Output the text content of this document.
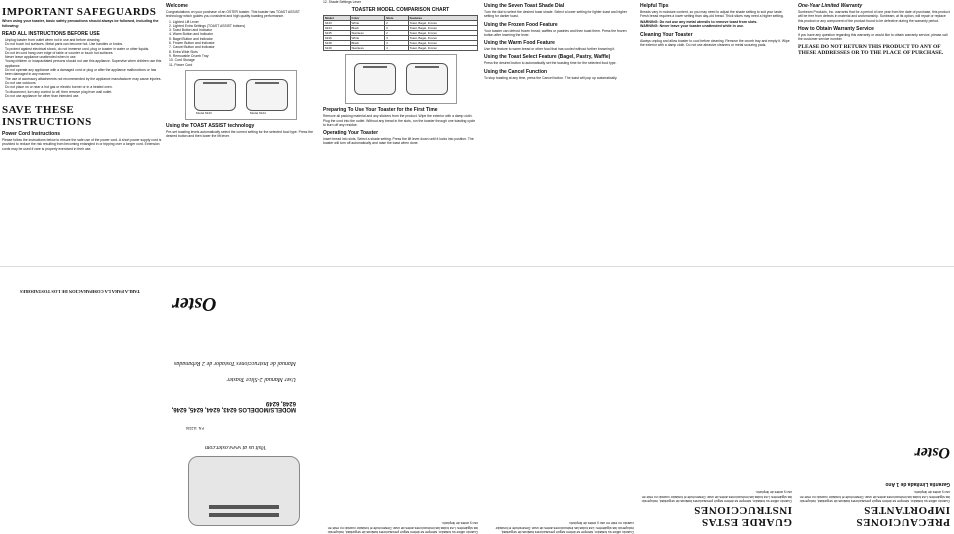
IMPORTANT SAFEGUARDS
When using your toaster, basic safety precautions should always be followed, including the following:
READ ALL INSTRUCTIONS BEFORE USE
Unplug toaster from outlet when not in use and before cleaning.
Do not touch hot surfaces. Metal parts can become hot. Use handles or knobs.
To protect against electrical shock, do not immerse cord, plug or toaster in water or other liquids.
Do not let cord hang over edge of table or counter or touch hot surfaces.
Never leave appliance unattended when in use.
Young children or incapacitated persons should not use this appliance. Supervise when children use this appliance.
Do not operate any appliance with a damaged cord or plug or after the appliance malfunctions or has been damaged in any manner.
The use of accessory attachments not recommended by the appliance manufacturer may cause injuries.
Do not use outdoors.
Do not place on or near a hot gas or electric burner or in a heated oven.
To disconnect, turn any control to off, then remove plug from wall outlet.
Do not use appliance for other than intended use.
SAVE THESE INSTRUCTIONS
Power Cord Instructions
Please follow the instructions below to ensure the safe use of the power cord. A short power supply cord is provided to reduce the risk resulting from becoming entangled in or tripping over a longer cord. Extension cords may be used if care is properly exercised in their use.
Welcome
Congratulations on your purchase of an OSTER toaster. This toaster has TOAST ASSIST technology which guides you consistent and high quality toasting performance.
1. Lighted Lift Lever
2. Lighted Extra Settings (TOAST ASSIST buttons)
3. Toast Button and Indicator
4. Warm Button and Indicator
5. Bagel Button and Indicator
6. Frozen Button and Indicator
7. Cancel Button and Indicator
8. Extra Wide Slots
9. Removable Crumb Tray
10. Cord Storage
11. Power Cord
Model 6243	Model 6244
Using the TOAST ASSIST technology
Pre-set toasting levels automatically select the correct setting for the selected food type. Press the desired button and then lower the lift lever.
12. Shade Settings Lever
TOASTER MODEL COMPARISON CHART
Model	Color	Slots	Features
6243	White	2	Toast, Bagel, Frozen
6244	Black	2	Toast, Bagel, Frozen
6245	Stainless	2	Toast, Bagel, Frozen
6246	White	4	Toast, Bagel, Frozen
6248	Black	4	Toast, Bagel, Frozen
6249	Stainless	4	Toast, Bagel, Frozen
Preparing To Use Your Toaster for the First Time
Remove all packing material and any stickers from the product. Wipe the exterior with a damp cloth. Plug the cord into the outlet. Without any bread in the slots, run the toaster through one toasting cycle to burn off any residue.
Operating Your Toaster
Insert bread into slots. Select a shade setting. Press the lift lever down until it locks into position. The toaster will turn off automatically and raise the toast when done.
Using the Seven Toast Shade Dial
Turn the dial to select the desired toast shade. Select a lower setting for lighter toast and higher setting for darker toast.
Using the Frozen Food Feature
Your toaster can defrost frozen bread, waffles or pastries and then toast them. Press the frozen button after lowering the lever.
Using the Warm Food Feature
Use this feature to warm bread or other food that has cooled without further browning it.
Using the Toast Select Feature (Bagel, Pastry, Waffle)
Press the desired button to automatically set the toasting time for the selected food type.
Using the Cancel Function
To stop toasting at any time, press the Cancel button. The toast will pop up automatically.
Helpful Tips
Breads vary in moisture content, so you may need to adjust the shade setting to suit your taste. Fresh bread requires a lower setting than day-old bread. Thick slices may need a higher setting.
WARNING: Do not use any metal utensils to remove toast from slots.
WARNING: Never leave your toaster unattended while in use.
Cleaning Your Toaster
Always unplug and allow toaster to cool before cleaning. Remove the crumb tray and empty it. Wipe the exterior with a damp cloth. Do not use abrasive cleaners or metal scouring pads.
One-Year Limited Warranty
Sunbeam Products, Inc. warrants that for a period of one year from the date of purchase, this product will be free from defects in material and workmanship. Sunbeam, at its option, will repair or replace this product or any component of the product found to be defective during the warranty period.
How to Obtain Warranty Service
If you have any question regarding this warranty or would like to obtain warranty service, please call the customer service number.
PLEASE DO NOT RETURN THIS PRODUCT TO ANY OF THESE ADDRESSES OR TO THE PLACE OF PURCHASE.
TABLA PARA LA COMPARACION DE LOS TOSTADORES
Visit us at www.oster.com
P.N. 112226
MODELS/MODELOS 6243, 6244, 6245, 6246, 6248, 6249
User Manual 2-Slice Toaster
Manual de Instrucciones Tostador de 2 Rebanadas
Oster
Cuando utilice su tostador, siempre se deben seguir precauciones basicas de seguridad, incluyendo las siguientes: Lea todas las instrucciones antes de usar. Desenchufe el tostador cuando no este en uso y antes de limpiarlo.
Cuando utilice su tostador, siempre se deben seguir precauciones basicas de seguridad, incluyendo las siguientes: Lea todas las instrucciones antes de usar. Desenchufe el tostador cuando no este en uso y antes de limpiarlo.	GUARDE ESTAS INSTRUCCIONES
Cuando utilice su tostador, siempre se deben seguir precauciones basicas de seguridad, incluyendo las siguientes: Lea todas las instrucciones antes de usar. Desenchufe el tostador cuando no este en uso y antes de limpiarlo.
PRECAUCIONES IMPORTANTES
Cuando utilice su tostador, siempre se deben seguir precauciones basicas de seguridad, incluyendo las siguientes: Lea todas las instrucciones antes de usar. Desenchufe el tostador cuando no este en uso y antes de limpiarlo.
Garantia Limitada de 1 Ano
Oster
